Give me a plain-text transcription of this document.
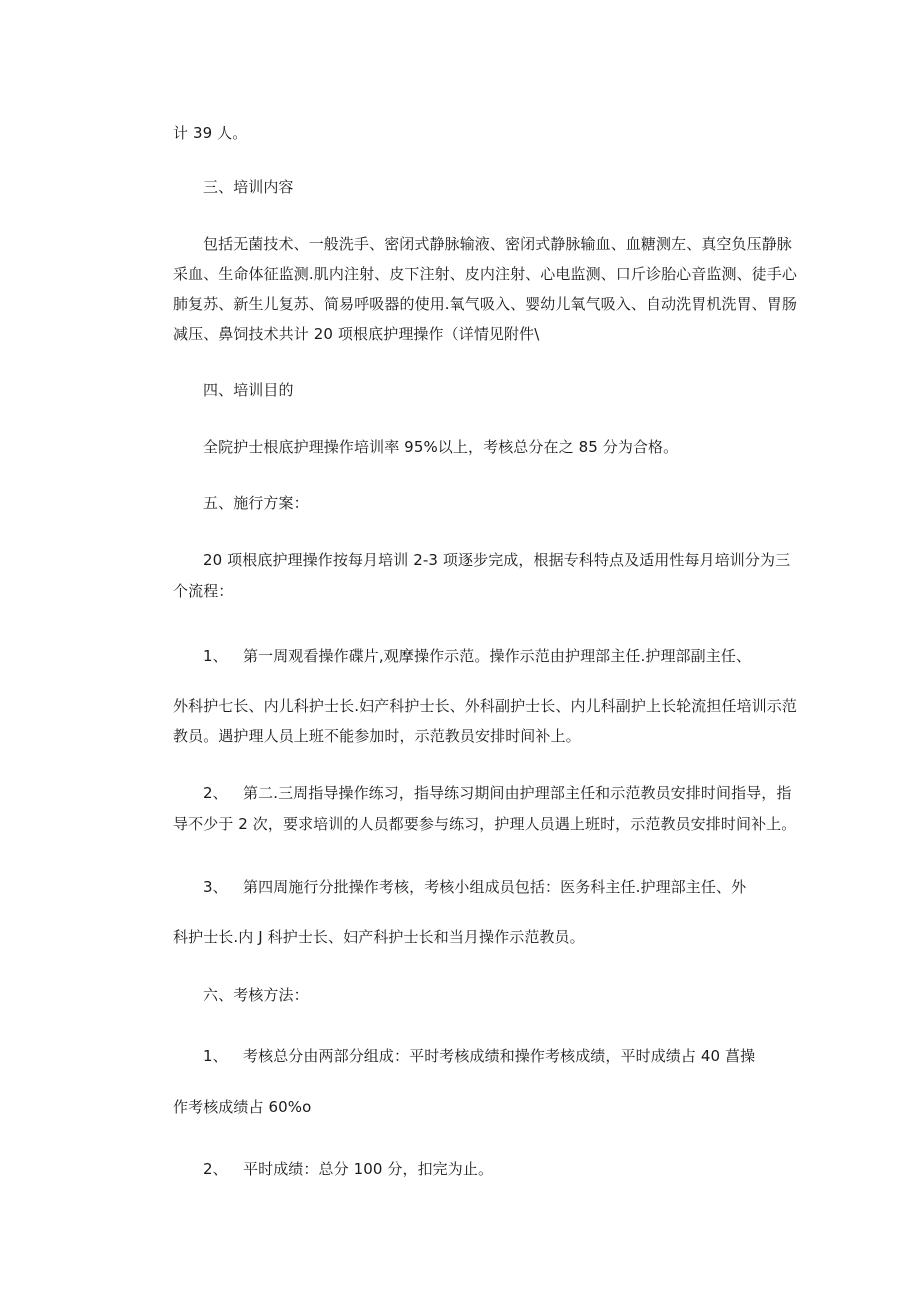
计 39 人。
三、培训内容
包括无菌技术、一般洗手、密闭式静脉输液、密闭式静脉输血、血糖测左、真空负压静脉
采血、生命体征监测.肌内注射、皮下注射、皮内注射、心电监测、口斤诊胎心音监测、徒手心
肺复苏、新生儿复苏、简易呼吸器的使用.氧气吸入、婴幼儿氧气吸入、自动洗胃机洗胃、胃肠
减压、鼻饲技术共计 20 项根底护理操作（详情见附件\
四、培训目的
全院护士根底护理操作培训率 95%以上，考核总分在之 85 分为合格。
五、施行方案：
20 项根底护理操作按每月培训 2-3 项逐步完成，根据专科特点及适用性每月培训分为三
个流程：
1、 第一周观看操作碟片,观摩操作示范。操作示范由护理部主任.护理部副主任、
外科护七长、内儿科护士长.妇产科护士长、外科副护士长、内儿科副护上长轮流担任培训示范
教员。遇护理人员上班不能参加时，示范教员安排时间补上。
2、 第二.三周指导操作练习，指导练习期间由护理部主任和示范教员安排时间指导，指
导不少于 2 次，要求培训的人员都要参与练习，护理人员遇上班时，示范教员安排时间补上。
3、 第四周施行分批操作考核，考核小组成员包括：医务科主任.护理部主任、外
科护士长.内 J 科护士长、妇产科护士长和当月操作示范教员。
六、考核方法：
1、 考核总分由两部分组成：平时考核成绩和操作考核成绩，平时成绩占 40 菖操
作考核成绩占 60%o
2、 平时成绩：总分 100 分，扣完为止。
